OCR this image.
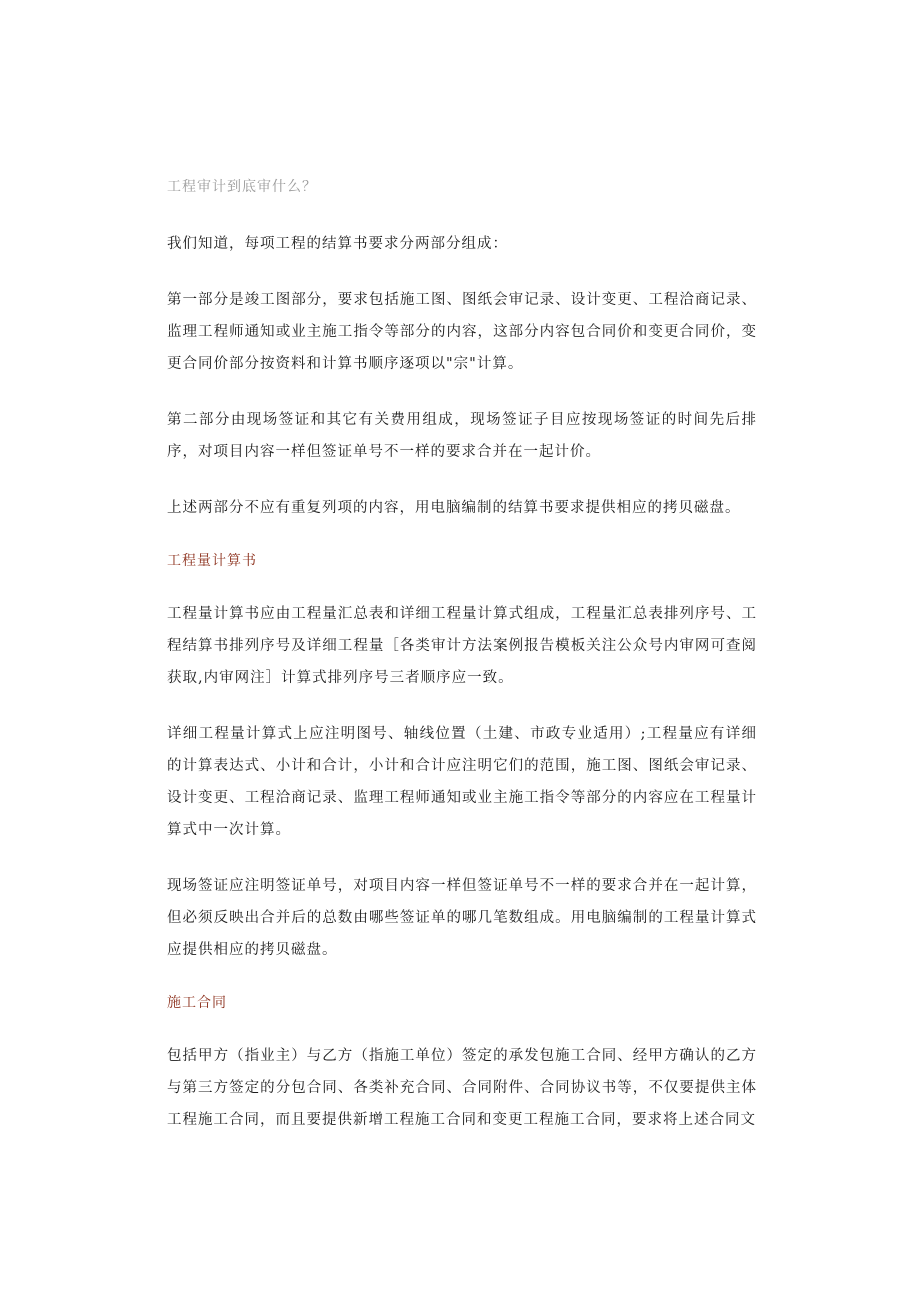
工程审计到底审什么？

我们知道，每项工程的结算书要求分两部分组成：

第一部分是竣工图部分，要求包括施工图、图纸会审记录、设计变更、工程洽商记录、监理工程师通知或业主施工指令等部分的内容，这部分内容包合同价和变更合同价，变更合同价部分按资料和计算书顺序逐项以"宗"计算。

第二部分由现场签证和其它有关费用组成，现场签证子目应按现场签证的时间先后排序，对项目内容一样但签证单号不一样的要求合并在一起计价。

上述两部分不应有重复列项的内容，用电脑编制的结算书要求提供相应的拷贝磁盘。

工程量计算书

工程量计算书应由工程量汇总表和详细工程量计算式组成，工程量汇总表排列序号、工程结算书排列序号及详细工程量［各类审计方法案例报告模板关注公众号内审网可查阅获取,内审网注］计算式排列序号三者顺序应一致。

详细工程量计算式上应注明图号、轴线位置（土建、市政专业适用）;工程量应有详细的计算表达式、小计和合计，小计和合计应注明它们的范围，施工图、图纸会审记录、设计变更、工程洽商记录、监理工程师通知或业主施工指令等部分的内容应在工程量计算式中一次计算。

现场签证应注明签证单号，对项目内容一样但签证单号不一样的要求合并在一起计算，但必须反映出合并后的总数由哪些签证单的哪几笔数组成。用电脑编制的工程量计算式应提供相应的拷贝磁盘。

施工合同

包括甲方（指业主）与乙方（指施工单位）签定的承发包施工合同、经甲方确认的乙方与第三方签定的分包合同、各类补充合同、合同附件、合同协议书等，不仅要提供主体工程施工合同，而且要提供新增工程施工合同和变更工程施工合同，要求将上述合同文
